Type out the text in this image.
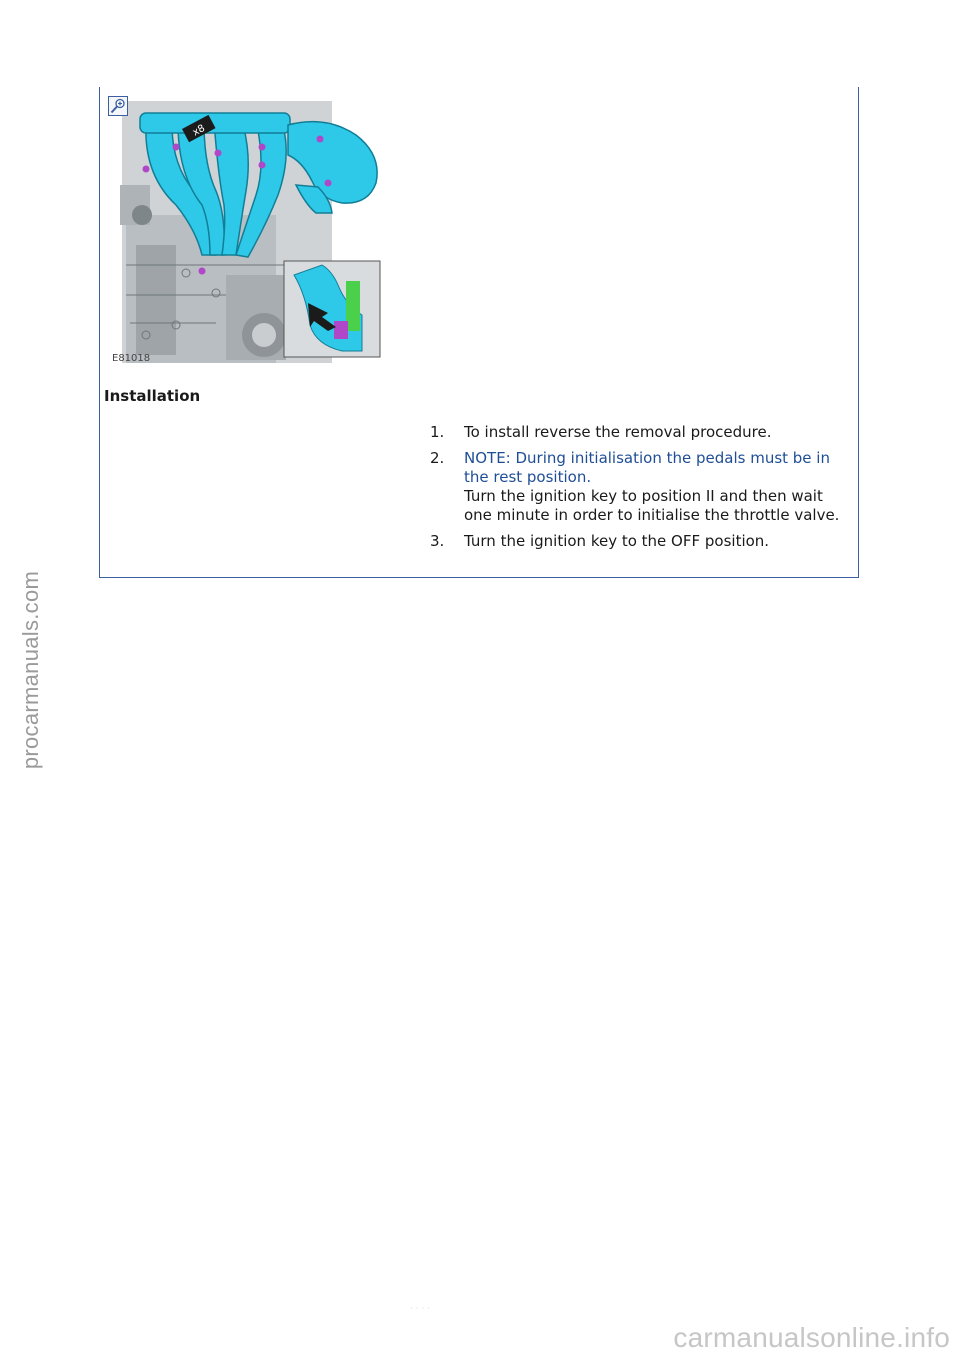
procarmanuals.com
· · · ·
x8
E81018
Installation
1.	To install reverse the removal procedure.
2.	NOTE: During initialisation the pedals must be in the rest position.
Turn the ignition key to position II and then wait one minute in order to initialise the throttle valve.
3.	Turn the ignition key to the OFF position.
carmanualsonline.info
